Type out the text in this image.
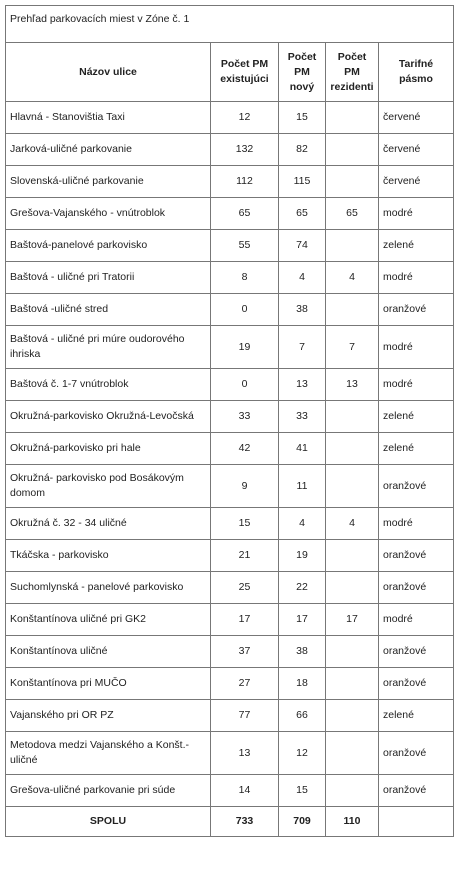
Prehľad parkovacích miest v Zóne č. 1				
Názov ulice	Počet PM existujúci	Počet PM nový	Počet PM rezidenti	Tarifné pásmo
Hlavná - Stanovištia Taxi	12	15		červené
Jarková-uličné parkovanie	132	82		červené
Slovenská-uličné parkovanie	112	115		červené
Grešova-Vajanského - vnútroblok	65	65	65	modré
Baštová-panelové parkovisko	55	74		zelené
Baštová - uličné pri Tratorii	8	4	4	modré
Baštová -uličné stred	0	38		oranžové
Baštová - uličné pri múre oudorového ihriska	19	7	7	modré
Baštová č. 1-7 vnútroblok	0	13	13	modré
Okružná-parkovisko Okružná-Levočská	33	33		zelené
Okružná-parkovisko pri hale	42	41		zelené
Okružná- parkovisko pod Bosákovým domom	9	11		oranžové
Okružná č. 32 - 34 uličné	15	4	4	modré
Tkáčska - parkovisko	21	19		oranžové
Suchomlynská - panelové parkovisko	25	22		oranžové
Konštantínova uličné pri GK2	17	17	17	modré
Konštantínova uličné	37	38		oranžové
Konštantínova pri MUČO	27	18		oranžové
Vajanského pri OR PZ	77	66		zelené
Metodova medzi Vajanského a Konšt.-uličné	13	12		oranžové
Grešova-uličné parkovanie pri súde	14	15		oranžové
SPOLU	733	709	110	
